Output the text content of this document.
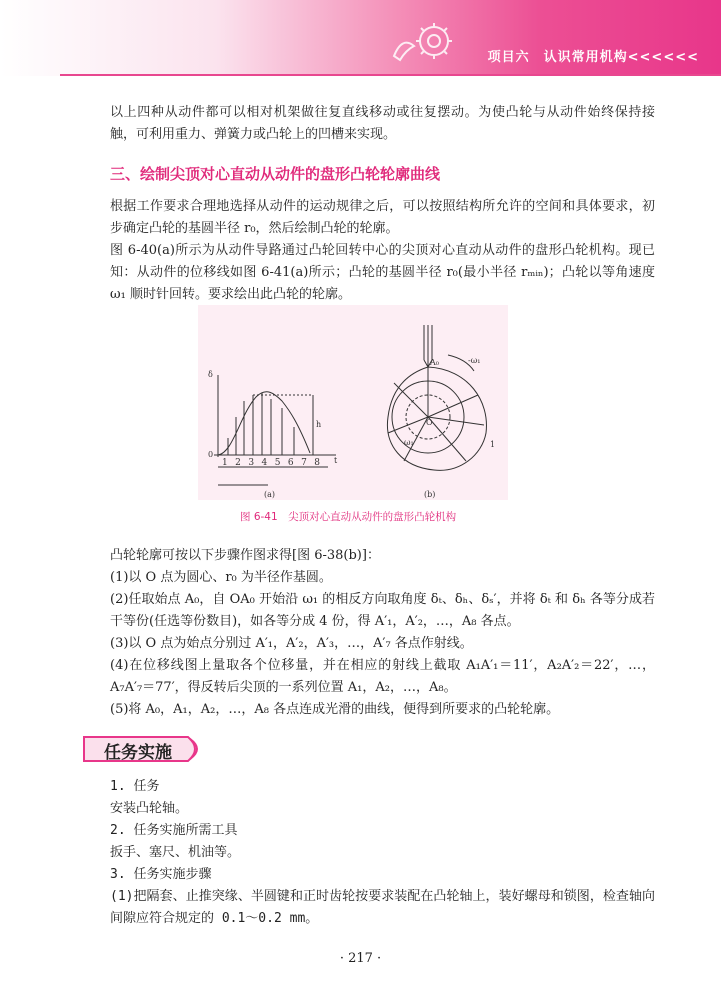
项目六　认识常用机构<<<<<<
以上四种从动件都可以相对机架做往复直线移动或往复摆动。为使凸轮与从动件始终保持接触，可利用重力、弹簧力或凸轮上的凹槽来实现。
三、绘制尖顶对心直动从动件的盘形凸轮轮廓曲线
根据工作要求合理地选择从动件的运动规律之后，可以按照结构所允许的空间和具体要求，初步确定凸轮的基圆半径 r₀，然后绘制凸轮的轮廓。
图 6-40(a)所示为从动件导路通过凸轮回转中心的尖顶对心直动从动件的盘形凸轮机构。现已知：从动件的位移线如图 6-41(a)所示；凸轮的基圆半径 r₀(最小半径 rₘᵢₙ)；凸轮以等角速度 ω₁ 顺时针回转。要求绘出此凸轮的轮廓。
δ
t
0
h
1 2 3 4 5 6 7 8
(a)
O
A₀	-ω₁
ω₁	1
(b)
图 6-41　尖顶对心直动从动件的盘形凸轮机构
凸轮轮廓可按以下步骤作图求得[图 6-38(b)]：
(1)以 O 点为圆心、r₀ 为半径作基圆。
(2)任取始点 A₀，自 OA₀ 开始沿 ω₁ 的相反方向取角度 δₜ、δₕ、δₛ′，并将 δₜ 和 δₕ 各等分成若干等份(任选等份数目)，如各等分成 4 份，得 A′₁，A′₂，…，A₈ 各点。
(3)以 O 点为始点分别过 A′₁，A′₂，A′₃，…，A′₇ 各点作射线。
(4)在位移线图上量取各个位移量，并在相应的射线上截取 A₁A′₁＝11′，A₂A′₂＝22′，…，A₇A′₇＝77′，得反转后尖顶的一系列位置 A₁，A₂，…，A₈。
(5)将 A₀，A₁，A₂，…，A₈ 各点连成光滑的曲线，便得到所要求的凸轮轮廓。
任务实施
1. 任务
安装凸轮轴。
2. 任务实施所需工具
扳手、塞尺、机油等。
3. 任务实施步骤
(1)把隔套、止推突缘、半圆键和正时齿轮按要求装配在凸轮轴上，装好螺母和锁图，检查轴向间隙应符合规定的 0.1～0.2 mm。
· 217 ·
